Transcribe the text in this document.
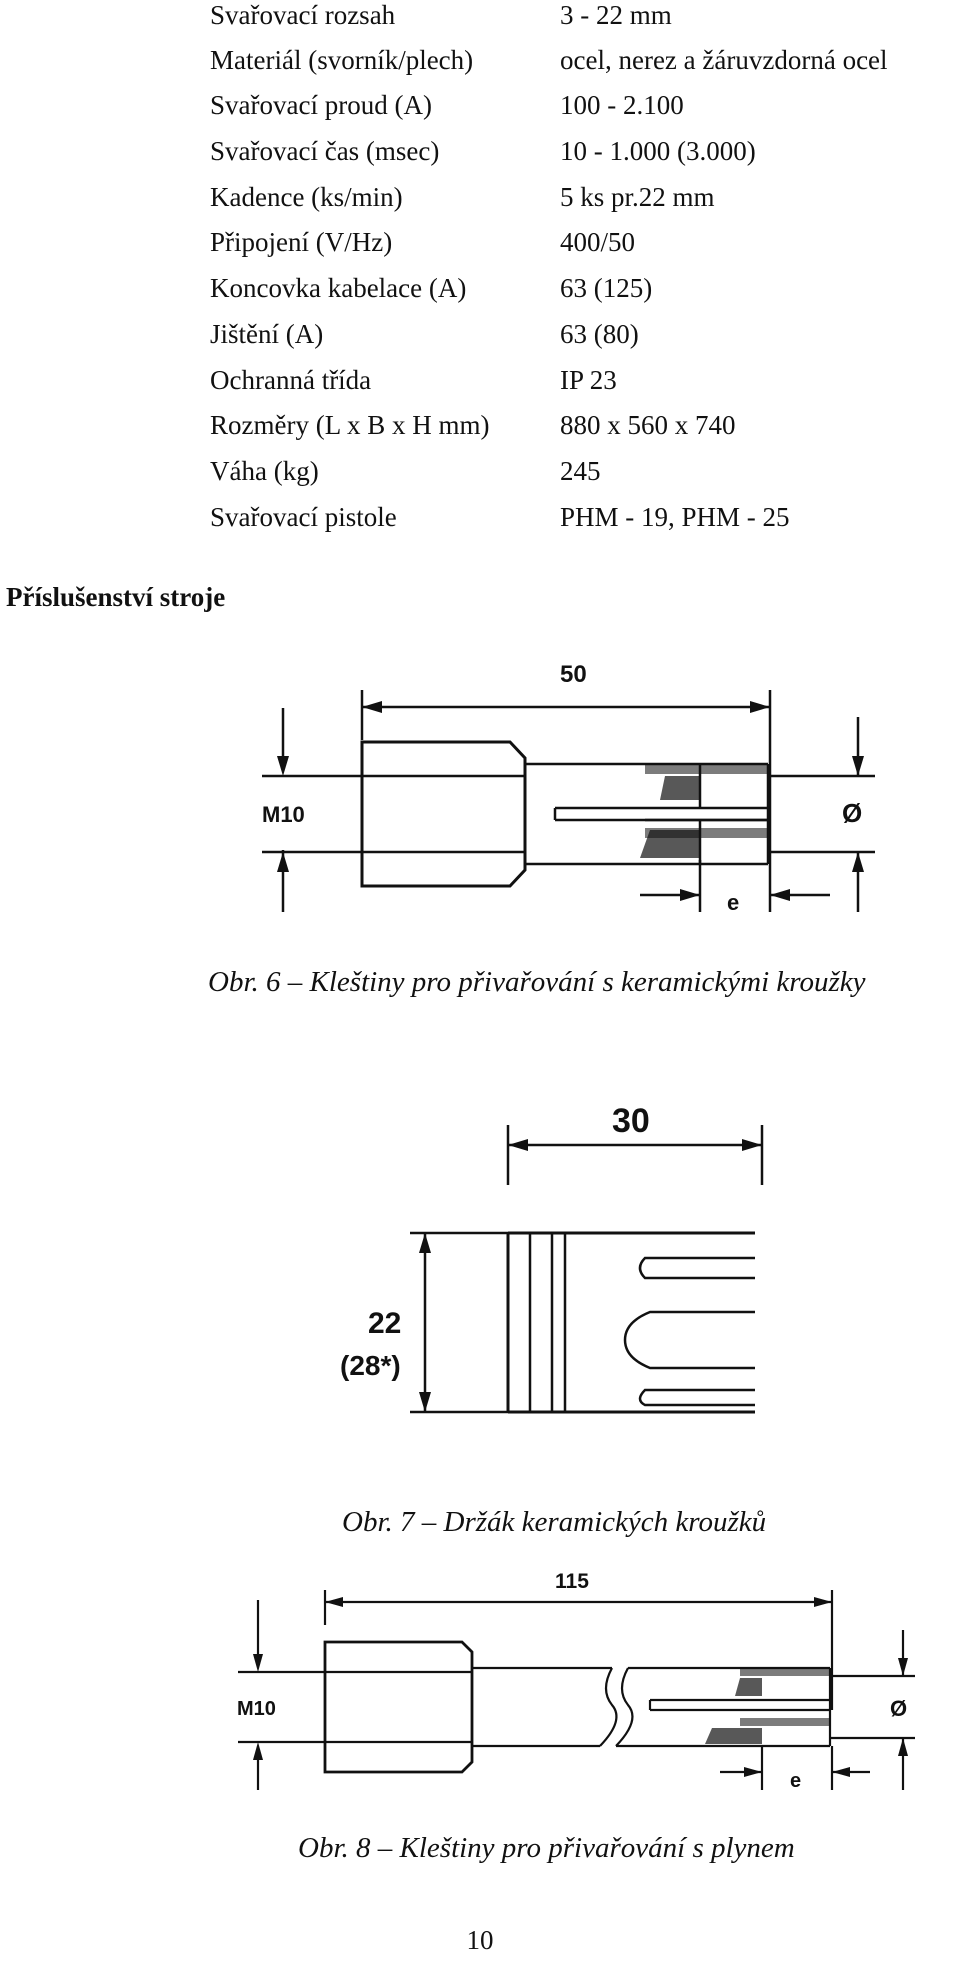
Svařovací rozsah	3 - 22 mm
Materiál (svorník/plech)	ocel, nerez a žáruvzdorná ocel
Svařovací proud (A)	100 - 2.100
Svařovací čas (msec)	10 - 1.000 (3.000)
Kadence (ks/min)	5 ks pr.22 mm
Připojení (V/Hz)	400/50
Koncovka kabelace (A)	63 (125)
Jištění (A)	63 (80)
Ochranná třída	IP 23
Rozměry (L x B x H mm)	880 x 560 x 740
Váha (kg)	245
Svařovací pistole	PHM - 19, PHM - 25
Příslušenství stroje
50
M10	Ø
e
Obr. 6 – Kleštiny pro přivařování s keramickými kroužky
30
22
(28*)
Obr. 7 – Držák keramických kroužků
115
M10	Ø
e
Obr. 8 – Kleštiny pro přivařování s plynem
10
